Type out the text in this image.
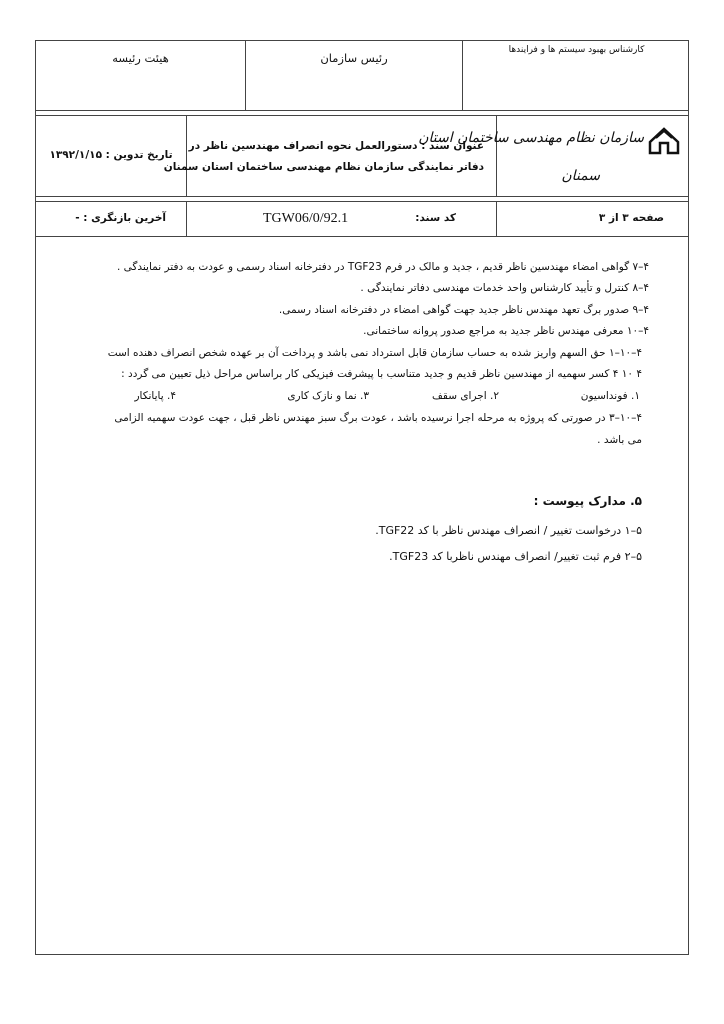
هیئت رئیسه	رئیس سازمان
کارشناس بهبود سیستم ها و فرایندها
تاریخ تدوین : ۱۳۹۲/۱/۱۵
عنوان سند : دستورالعمل نحوه انصراف مهندسین ناظر در
دفاتر نمایندگی سازمان نظام مهندسی ساختمان استان سمنان
سازمان نظام مهندسی ساختمان استان
سمنان
آخرین بازنگری : -	TGW06/0/92.1	کد سند:	صفحه ۳ از ۳
۴–۷ گواهی امضاء مهندسین ناظر قدیم ، جدید و مالک در فرم TGF23 در دفترخانه اسناد رسمی و عودت به دفتر نمایندگی .
۴–۸ کنترل و تأیید کارشناس واحد خدمات مهندسی دفاتر نمایندگی .
۴–۹ صدور برگ تعهد مهندس ناظر جدید جهت گواهی امضاء در دفترخانه اسناد رسمی.
۴–۱۰ معرفی مهندس ناظر جدید به مراجع صدور پروانه ساختمانی.
۴–۱۰–۱ حق السهم واریز شده به حساب سازمان قابل استرداد نمی باشد و پرداخت آن بر عهده شخص انصراف دهنده است
۴ ۱۰ ۴ کسر سهمیه از مهندسین ناظر قدیم و جدید متناسب با پیشرفت فیزیکی کار براساس مراحل ذیل تعیین می گردد :
۱. فونداسیون
۲. اجرای سقف
۳. نما و نازک کاری
۴. پایانکار
۴–۱۰–۳ در صورتی که پروژه به مرحله اجرا نرسیده باشد ، عودت برگ سبز مهندس ناظر قبل ، جهت عودت سهمیه الزامی
می باشد .
۵. مدارک پیوست :
۵–۱ درخواست تغییر / انصراف مهندس ناظر با کد TGF22.
۵–۲ فرم ثبت تغییر/ انصراف مهندس ناظربا کد TGF23.
